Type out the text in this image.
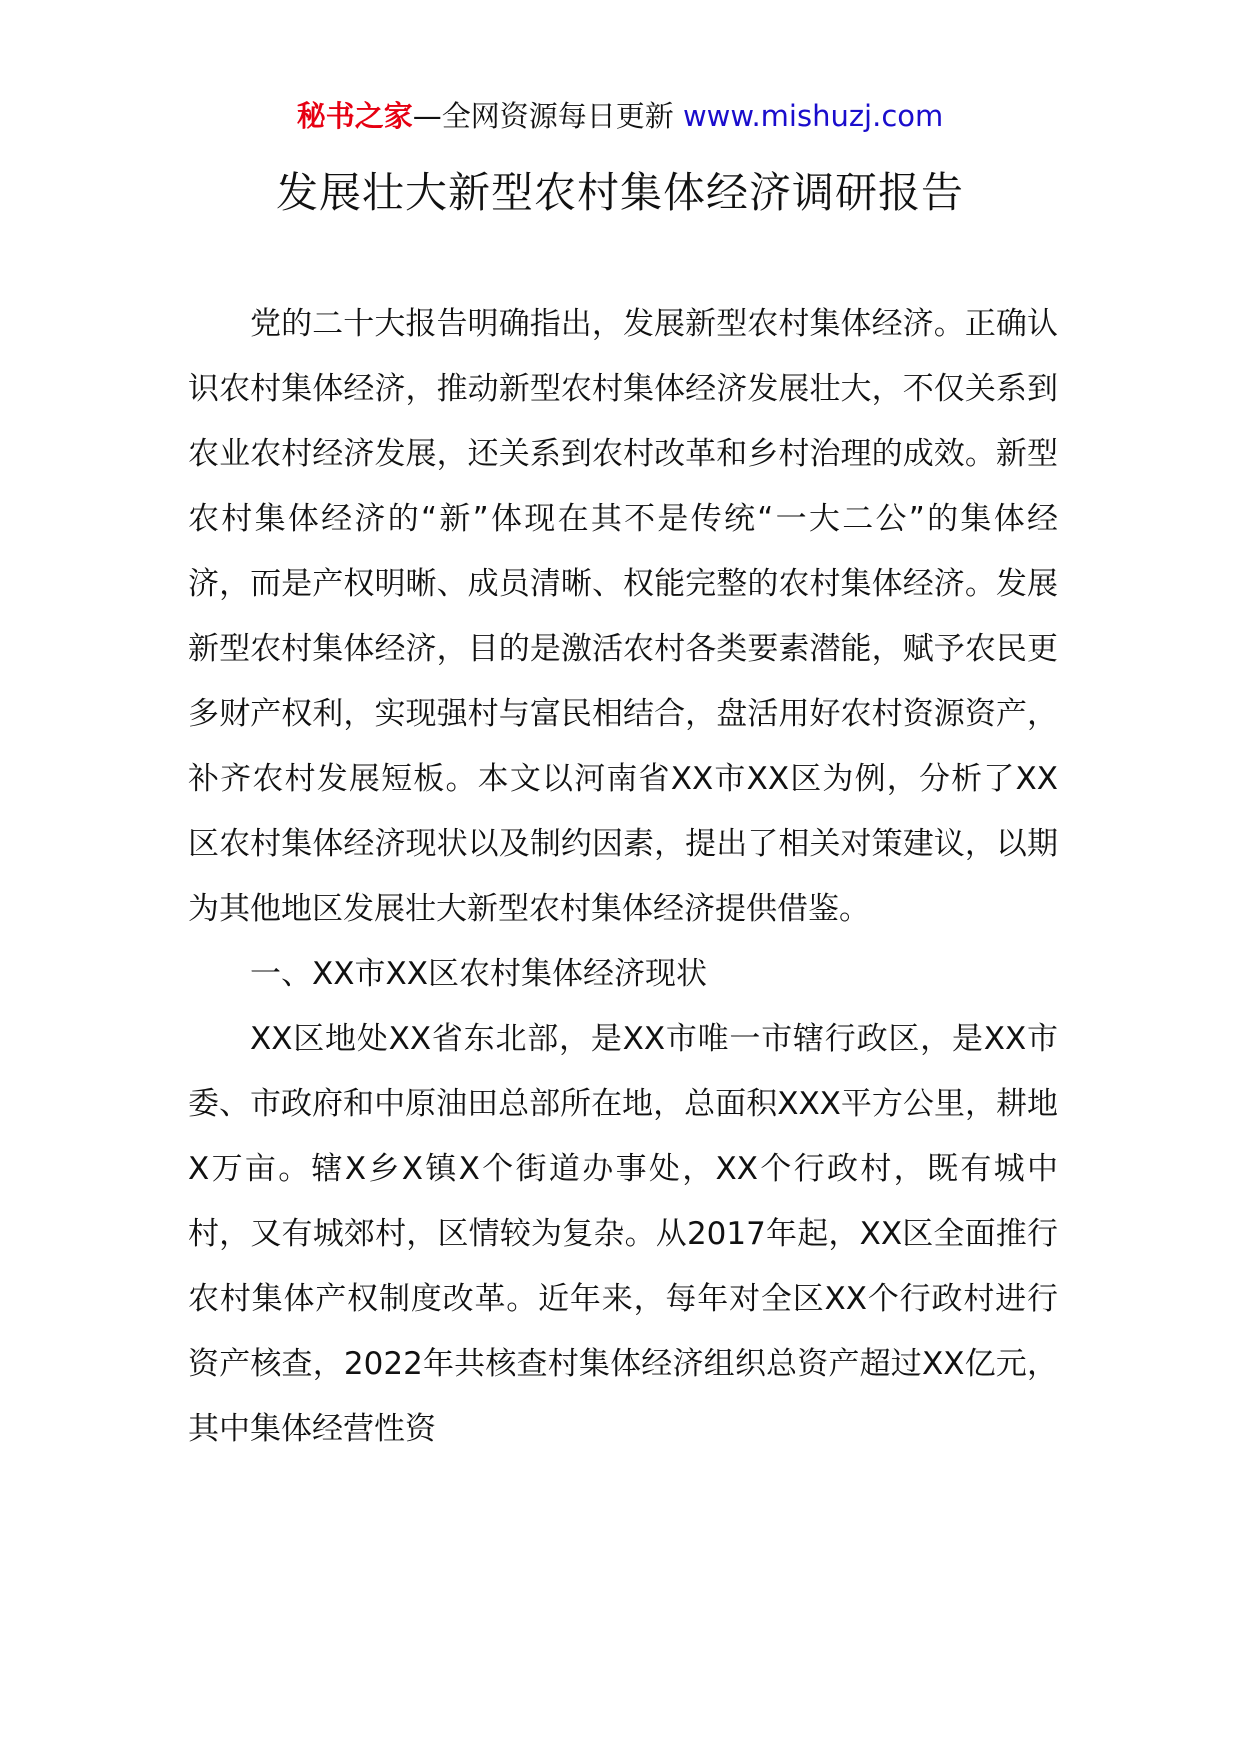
秘书之家—全网资源每日更新 www.mishuzj.com
发展壮大新型农村集体经济调研报告

党的二十大报告明确指出，发展新型农村集体经济。正确认识农村集体经济，推动新型农村集体经济发展壮大，不仅关系到农业农村经济发展，还关系到农村改革和乡村治理的成效。新型农村集体经济的“新”体现在其不是传统“一大二公”的集体经济，而是产权明晰、成员清晰、权能完整的农村集体经济。发展新型农村集体经济，目的是激活农村各类要素潜能，赋予农民更多财产权利，实现强村与富民相结合，盘活用好农村资源资产，补齐农村发展短板。本文以河南省XX市XX区为例，分析了XX区农村集体经济现状以及制约因素，提出了相关对策建议，以期为其他地区发展壮大新型农村集体经济提供借鉴。

一、XX市XX区农村集体经济现状

XX区地处XX省东北部，是XX市唯一市辖行政区，是XX市委、市政府和中原油田总部所在地，总面积XXX平方公里，耕地X万亩。辖X乡X镇X个街道办事处，XX个行政村，既有城中村，又有城郊村，区情较为复杂。从2017年起，XX区全面推行农村集体产权制度改革。近年来，每年对全区XX个行政村进行资产核查，2022年共核查村集体经济组织总资产超过XX亿元，其中集体经营性资
